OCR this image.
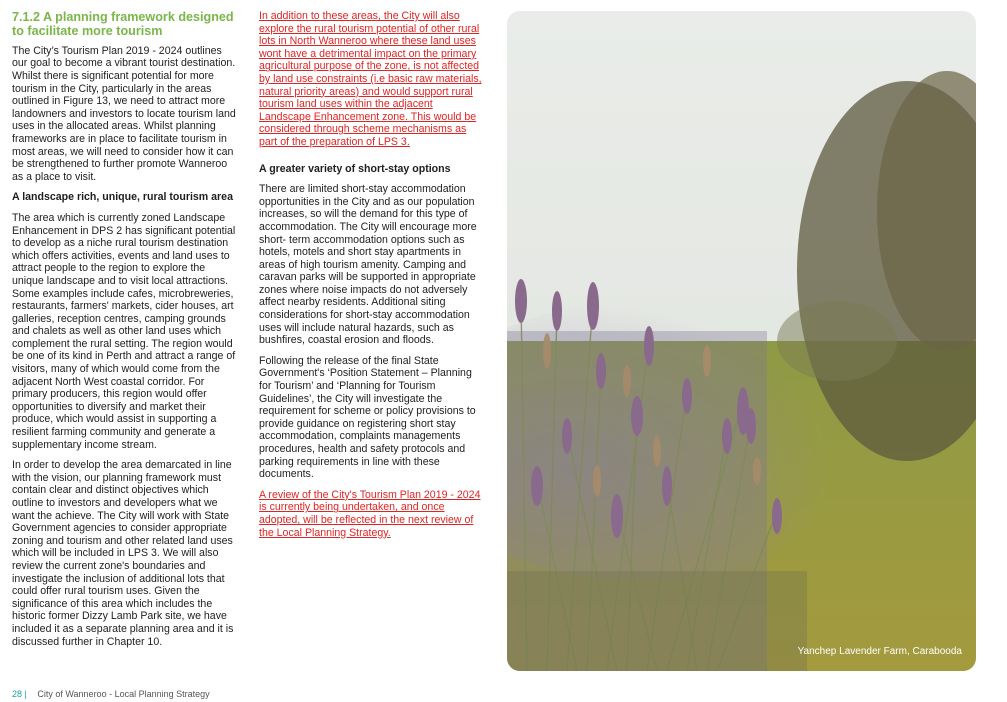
7.1.2 A planning framework designed to facilitate more tourism

The City’s Tourism Plan 2019 - 2024 outlines our goal to become a vibrant tourist destination. Whilst there is significant potential for more tourism in the City, particularly in the areas outlined in Figure 13, we need to attract more landowners and investors to locate tourism land uses in the allocated areas. Whilst planning frameworks are in place to facilitate tourism in most areas, we will need to consider how it can be strengthened to further promote Wanneroo as a place to visit.

A landscape rich, unique, rural tourism area

The area which is currently zoned Landscape Enhancement in DPS 2 has significant potential to develop as a niche rural tourism destination which offers activities, events and land uses to attract people to the region to explore the unique landscape and to visit local attractions. Some examples include cafes, microbreweries, restaurants, farmers' markets, cider houses, art galleries, reception centres, camping grounds and chalets as well as other land uses which complement the rural setting. The region would be one of its kind in Perth and attract a range of visitors, many of which would come from the adjacent North West coastal corridor. For primary producers, this region would offer opportunities to diversify and market their produce, which would assist in supporting a resilient farming community and generate a supplementary income stream.

In order to develop the area demarcated in line with the vision, our planning framework must contain clear and distinct objectives which outline to investors and developers what we want the achieve. The City will work with State Government agencies to consider appropriate zoning and tourism and other related land uses which will be included in LPS 3. We will also review the current zone's boundaries and investigate the inclusion of additional lots that could offer rural tourism uses. Given the significance of this area which includes the historic former Dizzy Lamb Park site, we have included it as a separate planning area and it is discussed further in Chapter 10.

In addition to these areas, the City will also explore the rural tourism potential of other rural lots in North Wanneroo where these land uses wont have a detrimental impact on the primary agricultural purpose of the zone, is not affected by land use constraints (i.e basic raw materials, natural priority areas) and would support rural tourism land uses within the adjacent Landscape Enhancement zone. This would be considered through scheme mechanisms as part of the preparation of LPS 3.

A greater variety of short-stay options

There are limited short-stay accommodation opportunities in the City and as our population increases, so will the demand for this type of accommodation. The City will encourage more short- term accommodation options such as hotels, motels and short stay apartments in areas of high tourism amenity. Camping and caravan parks will be supported in appropriate zones where noise impacts do not adversely affect nearby residents. Additional siting considerations for short-stay accommodation uses will include natural hazards, such as bushfires, coastal erosion and floods.

Following the release of the final State Government's ‘Position Statement – Planning for Tourism’ and ‘Planning for Tourism Guidelines’, the City will investigate the requirement for scheme or policy provisions to provide guidance on registering short stay accommodation, complaints managements procedures, health and safety protocols and parking requirements in line with these documents.

A review of the City's Tourism Plan 2019 - 2024 is currently being undertaken, and once adopted, will be reflected in the next review of the Local Planning Strategy.

Yanchep Lavender Farm, Carabooda
28 | City of Wanneroo - Local Planning Strategy
